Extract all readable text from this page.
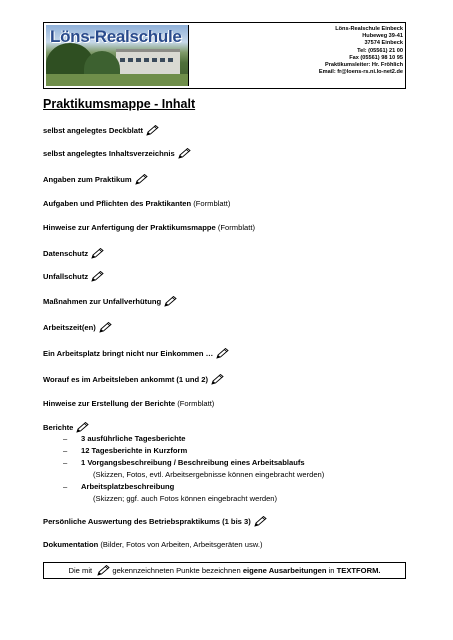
Löns-Realschule	Löns-Realschule Einbeck
Hubeweg 39-41
37574 Einbeck
Tel: (05561) 21 00
Fax (05561) 98 10 95
Praktikumsleiter: Hr. Fröhlich
Email: fr@loens-rs.ni.lo-net2.de
Praktikumsmappe - Inhalt
selbst angelegtes Deckblatt
selbst angelegtes Inhaltsverzeichnis
Angaben zum Praktikum
Aufgaben und Pflichten des Praktikanten (Formblatt)
Hinweise zur Anfertigung der Praktikumsmappe (Formblatt)
Datenschutz
Unfallschutz
Maßnahmen zur Unfallverhütung
Arbeitszeit(en)
Ein Arbeitsplatz bringt nicht nur Einkommen …
Worauf es im Arbeitsleben ankommt (1 und 2)
Hinweise zur Erstellung der Berichte (Formblatt)
Berichte
– 3 ausführliche Tagesberichte
– 12 Tagesberichte in Kurzform
– 1 Vorgangsbeschreibung / Beschreibung eines Arbeitsablaufs
(Skizzen, Fotos, evtl. Arbeitsergebnisse können eingebracht werden)
– Arbeitsplatzbeschreibung
(Skizzen; ggf. auch Fotos können eingebracht werden)
Persönliche Auswertung des Betriebspraktikums (1 bis 3)
Dokumentation (Bilder, Fotos von Arbeiten, Arbeitsgeräten usw.)
Die mit  gekennzeichneten Punkte bezeichnen eigene Ausarbeitungen in TEXTFORM.
